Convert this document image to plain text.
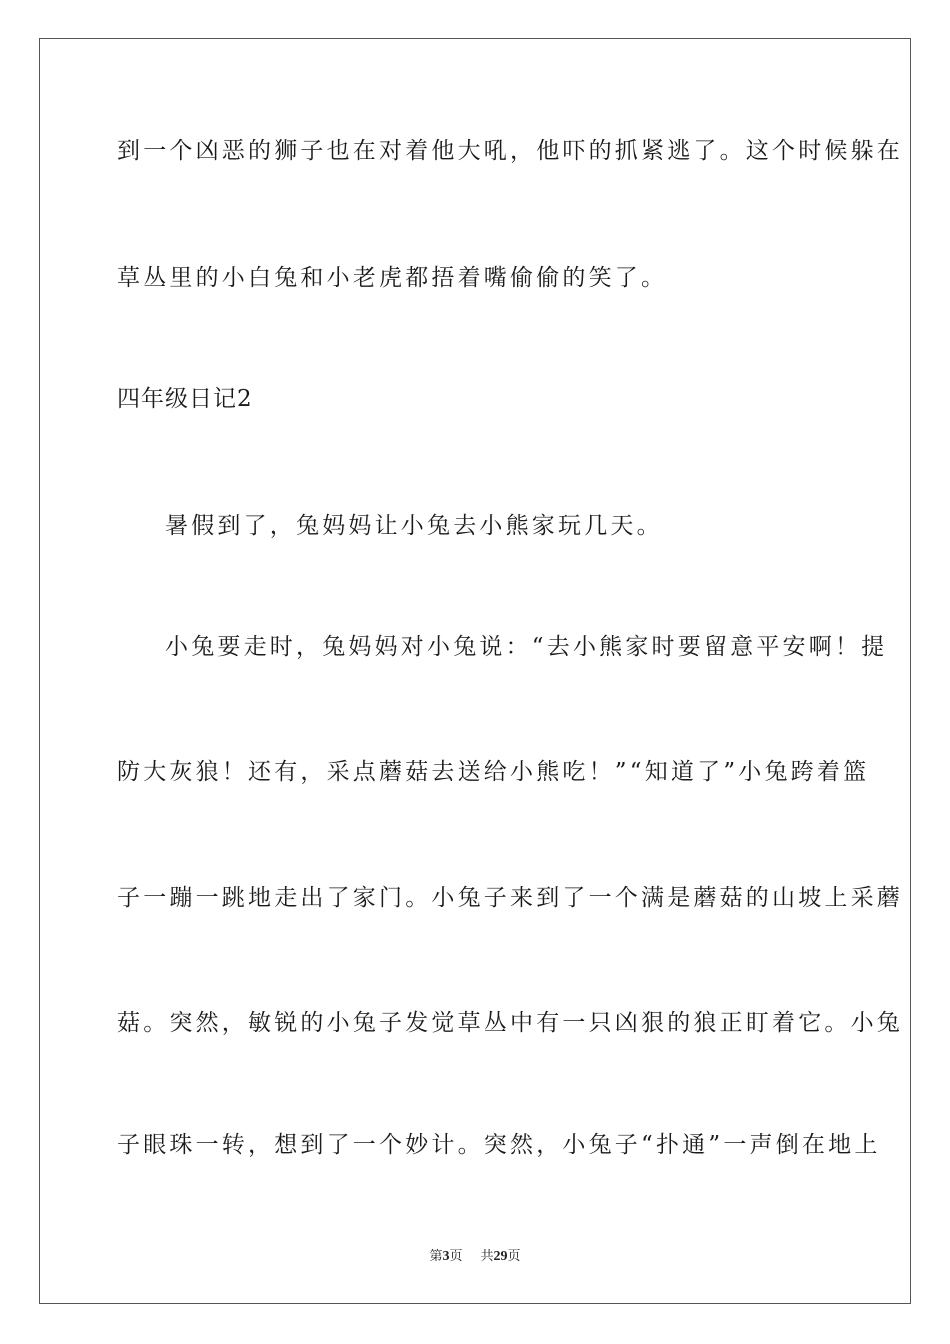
到一个凶恶的狮子也在对着他大吼，他吓的抓紧逃了。这个时候躲在
草丛里的小白兔和小老虎都捂着嘴偷偷的笑了。
四年级日记2
暑假到了，兔妈妈让小兔去小熊家玩几天。
小兔要走时，兔妈妈对小兔说：“去小熊家时要留意平安啊！提
防大灰狼！还有，采点蘑菇去送给小熊吃！”“知道了”小兔跨着篮
子一蹦一跳地走出了家门。小兔子来到了一个满是蘑菇的山坡上采蘑
菇。突然，敏锐的小兔子发觉草丛中有一只凶狠的狼正盯着它。小兔
子眼珠一转，想到了一个妙计。突然，小兔子“扑通”一声倒在地上
第3页 共29页
